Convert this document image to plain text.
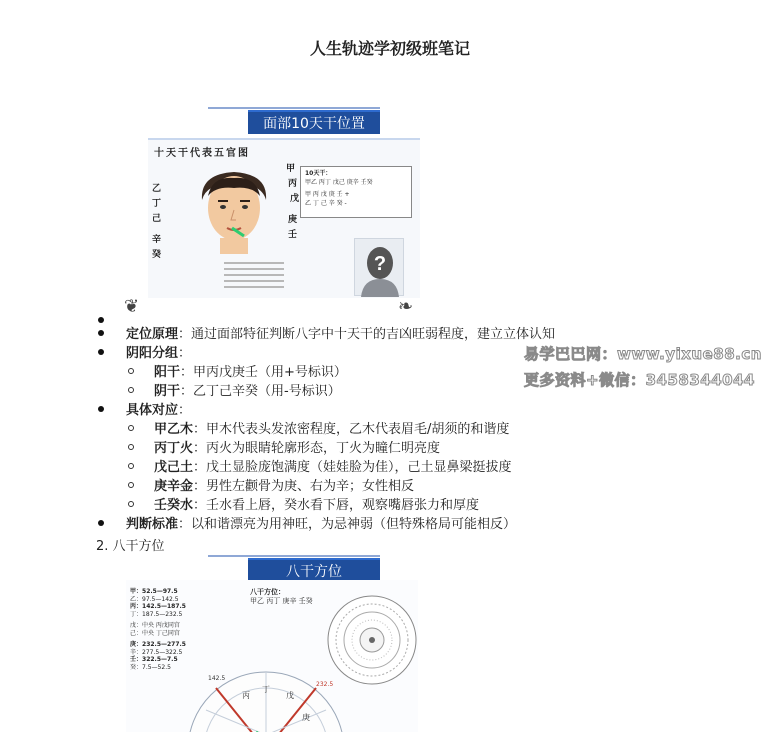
人生轨迹学初级班笔记
面部10天干位置
十天干代表五官图
乙
丁
己
辛
癸
甲
丙
戊
庚
壬
10天干：
甲乙 丙丁 戊己 庚辛 壬癸
甲 丙 戊 庚 壬 +
乙 丁 己 辛 癸 -
?
❦	❧
定位原理：通过面部特征判断八字中十天干的吉凶旺弱程度，建立立体认知
阴阳分组：
阳干：甲丙戊庚壬（用+号标识）
阴干：乙丁己辛癸（用-号标识）
具体对应：
甲乙木：甲木代表头发浓密程度，乙木代表眉毛/胡须的和谐度
丙丁火：丙火为眼睛轮廓形态，丁火为瞳仁明亮度
戊己土：戊土显脸庞饱满度（娃娃脸为佳），己土显鼻梁挺拔度
庚辛金：男性左颧骨为庚、右为辛；女性相反
壬癸水：壬水看上唇，癸水看下唇，观察嘴唇张力和厚度
判断标准：以和谐漂亮为用神旺，为忌神弱（但特殊格局可能相反）
易学巴巴网：www.yixue88.cn
更多资料+微信：3458344044
2. 八干方位
八干方位
甲：52.5—97.5
乙：97.5—142.5
丙：142.5—187.5
丁：187.5—232.5
戊：中央 丙戊同宫
己：中央 丁己同宫
庚：232.5—277.5
辛：277.5—322.5
壬：322.5—7.5
癸：7.5—52.5
八干方位：
甲乙 丙丁 庚辛 壬癸
142.5
232.5
丙
丁
戊
庚
